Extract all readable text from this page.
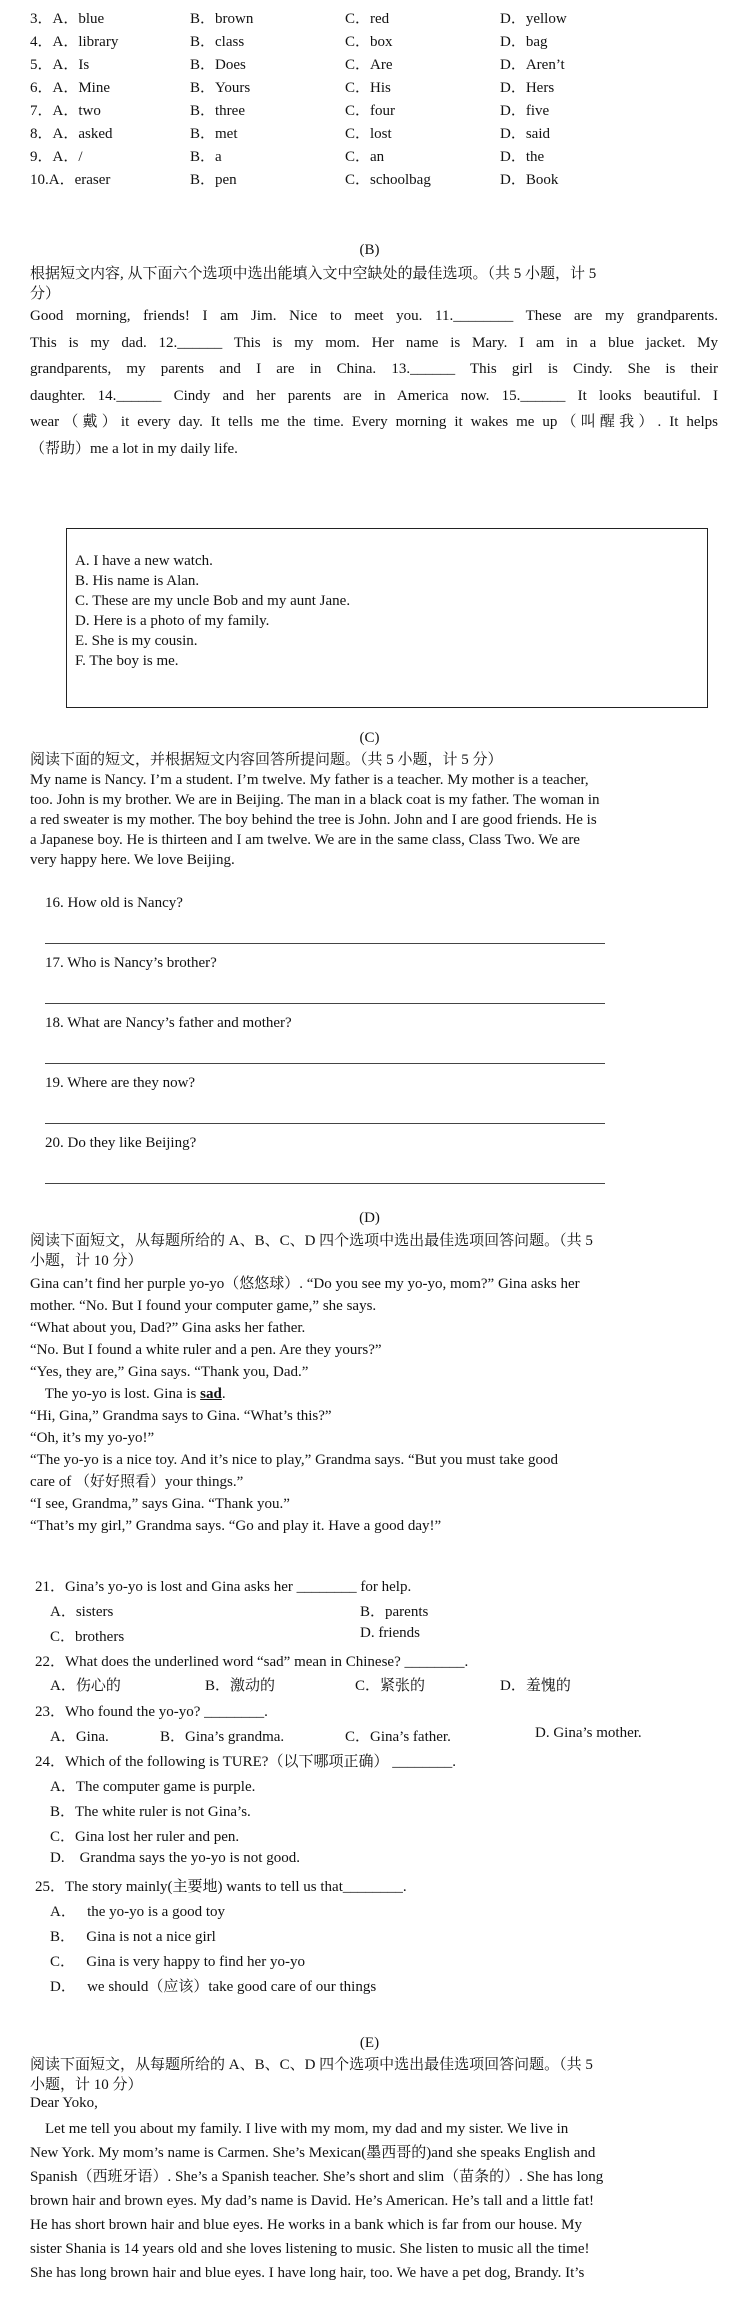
3．A．blue	B．brown	C．red	D．yellow
4．A．library	B．class	C．box	D．bag
5．A．Is	B．Does	C．Are	D．Aren’t
6．A．Mine	B．Yours	C．His	D．Hers
7．A．two	B．three	C．four	D．five
8．A．asked	B．met	C．lost	D．said
9．A．/	B．a	C．an	D．the
10.A．eraser	B．pen	C．schoolbag	D．Book
(B)
根据短文内容, 从下面六个选项中选出能填入文中空缺处的最佳选项。（共 5 小题，计 5
分）
Good morning, friends! I am Jim. Nice to meet you. 11.________ These are my grandparents.
This is my dad. 12.______ This is my mom. Her name is Mary. I am in a blue jacket. My
grandparents, my parents and I are in China. 13.______ This girl is Cindy. She is their
daughter. 14.______ Cindy and her parents are in America now. 15.______ It looks beautiful. I
wear（戴）it every day. It tells me the time. Every morning it wakes me up（叫醒我）. It helps
（帮助）me a lot in my daily life.
A. I have a new watch.
B. His name is Alan.
C. These are my uncle Bob and my aunt Jane.
D. Here is a photo of my family.
E. She is my cousin.
F. The boy is me.
(C)
阅读下面的短文，并根据短文内容回答所提问题。（共 5 小题，计 5 分）
My name is Nancy. I’m a student. I’m twelve. My father is a teacher. My mother is a teacher,
too. John is my brother. We are in Beijing. The man in a black coat is my father. The woman in
a red sweater is my mother. The boy behind the tree is John. John and I are good friends. He is
a Japanese boy. He is thirteen and I am twelve. We are in the same class, Class Two. We are
very happy here. We love Beijing.
16. How old is Nancy?
17. Who is Nancy’s brother?
18. What are Nancy’s father and mother?
19. Where are they now?
20. Do they like Beijing?
(D)
阅读下面短文，从每题所给的 A、B、C、D 四个选项中选出最佳选项回答问题。（共 5
小题，计 10 分）
Gina can’t find her purple yo-yo（悠悠球）. “Do you see my yo-yo, mom?” Gina asks her
mother. “No. But I found your computer game,” she says.
“What about you, Dad?” Gina asks her father.
“No. But I found a white ruler and a pen. Are they yours?”
“Yes, they are,” Gina says. “Thank you, Dad.”
The yo-yo is lost. Gina is sad.
“Hi, Gina,” Grandma says to Gina. “What’s this?”
“Oh, it’s my yo-yo!”
“The yo-yo is a nice toy. And it’s nice to play,” Grandma says. “But you must take good
care of （好好照看）your things.”
“I see, Grandma,” says Gina. “Thank you.”
“That’s my girl,” Grandma says. “Go and play it. Have a good day!”
21．Gina’s yo-yo is lost and Gina asks her ________ for help.
A．sisters	B．parents
C．brothers	D. friends
22．What does the underlined word “sad” mean in Chinese? ________.
A．伤心的	B．激动的	C．紧张的	D．羞愧的
23．Who found the yo-yo? ________.
A．Gina.	B．Gina’s grandma.	C．Gina’s father.	D. Gina’s mother.
24．Which of the following is TURE?（以下哪项正确） ________.
A．The computer game is purple.
B．The white ruler is not Gina’s.
C．Gina lost her ruler and pen.
D.    Grandma says the yo-yo is not good.
25．The story mainly(主要地) wants to tell us that________.
A．   the yo-yo is a good toy
B．   Gina is not a nice girl
C．   Gina is very happy to find her yo-yo
D．   we should（应该）take good care of our things
(E)
阅读下面短文，从每题所给的 A、B、C、D 四个选项中选出最佳选项回答问题。（共 5
小题，计 10 分）
Dear Yoko,
Let me tell you about my family. I live with my mom, my dad and my sister. We live in
New York. My mom’s name is Carmen. She’s Mexican(墨西哥的)and she speaks English and
Spanish（西班牙语）. She’s a Spanish teacher. She’s short and slim（苗条的）. She has long
brown hair and brown eyes. My dad’s name is David. He’s American. He’s tall and a little fat!
He has short brown hair and blue eyes. He works in a bank which is far from our house. My
sister Shania is 14 years old and she loves listening to music. She listen to music all the time!
She has long brown hair and blue eyes. I have long hair, too. We have a pet dog, Brandy. It’s
